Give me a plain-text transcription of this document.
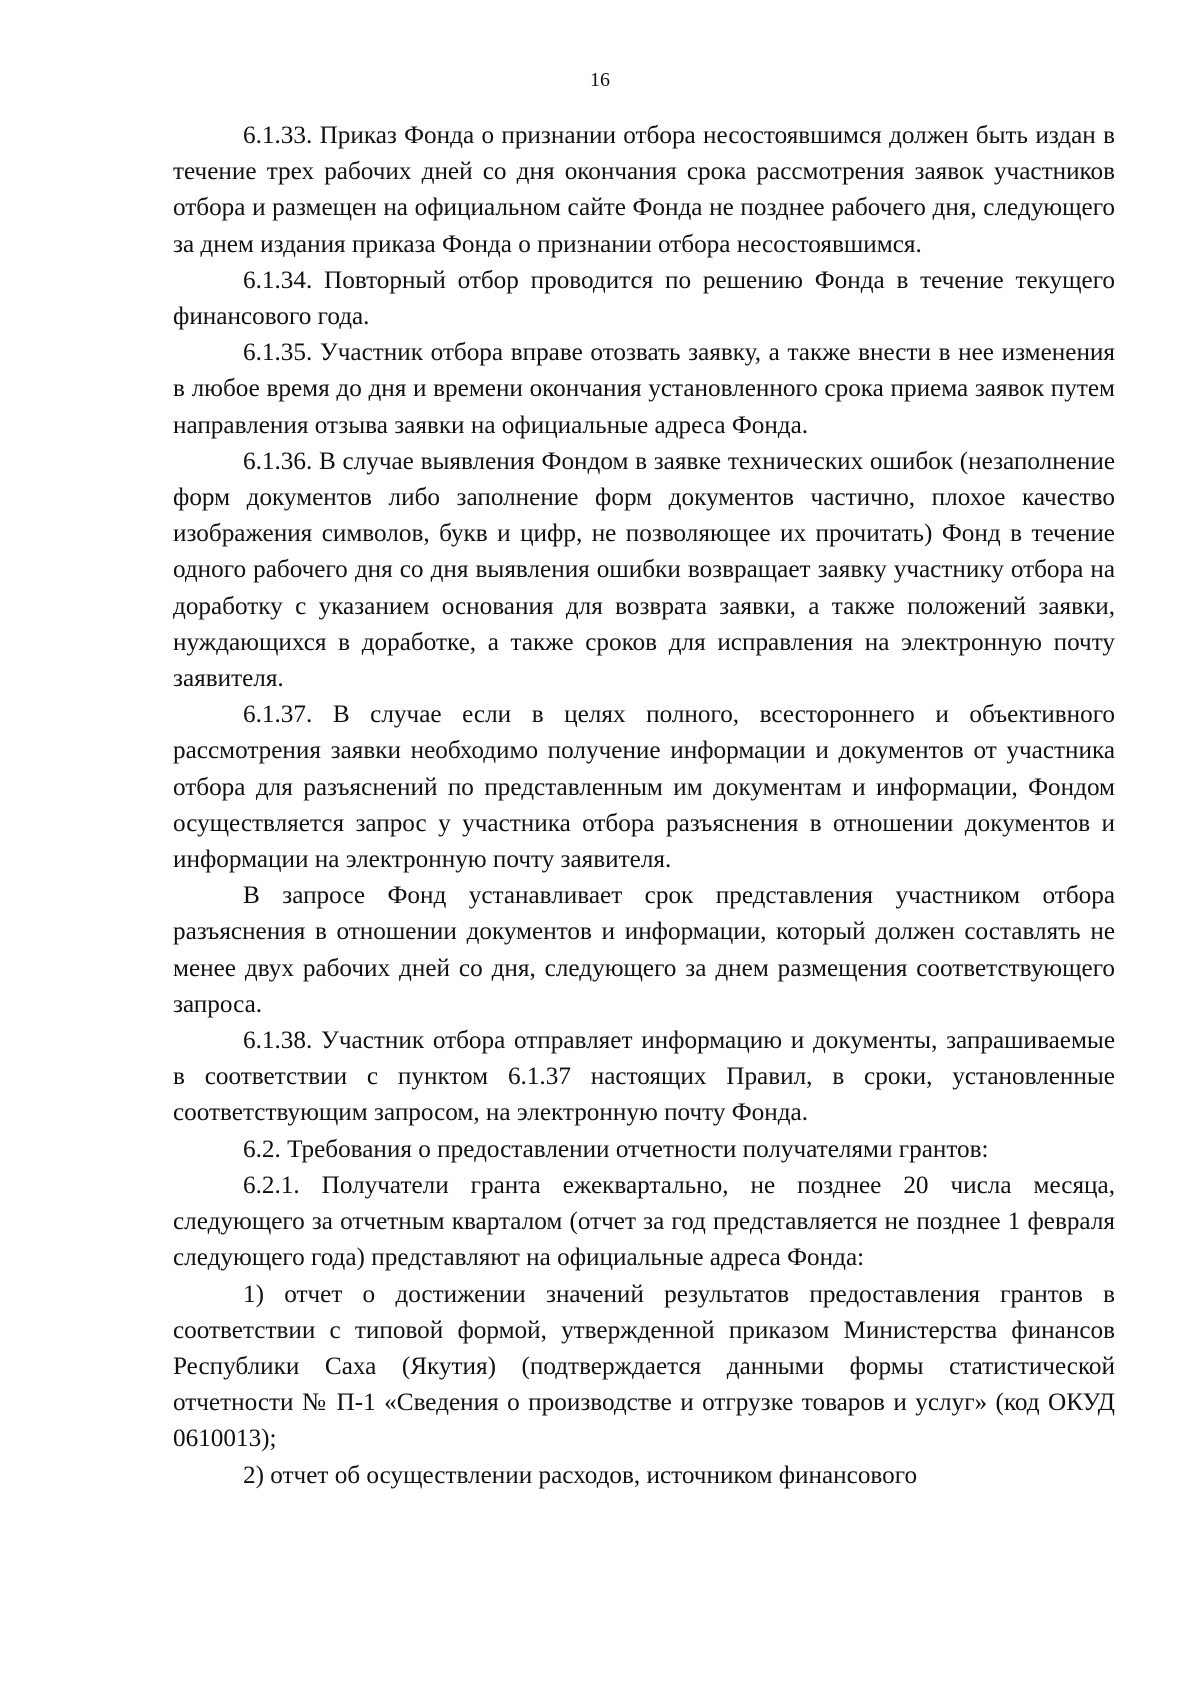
16

6.1.33. Приказ Фонда о признании отбора несостоявшимся должен быть издан в течение трех рабочих дней со дня окончания срока рассмотрения заявок участников отбора и размещен на официальном сайте Фонда не позднее рабочего дня, следующего за днем издания приказа Фонда о признании отбора несостоявшимся.

6.1.34. Повторный отбор проводится по решению Фонда в течение текущего финансового года.

6.1.35. Участник отбора вправе отозвать заявку, а также внести в нее изменения в любое время до дня и времени окончания установленного срока приема заявок путем направления отзыва заявки на официальные адреса Фонда.

6.1.36. В случае выявления Фондом в заявке технических ошибок (незаполнение форм документов либо заполнение форм документов частично, плохое качество изображения символов, букв и цифр, не позволяющее их прочитать) Фонд в течение одного рабочего дня со дня выявления ошибки возвращает заявку участнику отбора на доработку с указанием основания для возврата заявки, а также положений заявки, нуждающихся в доработке, а также сроков для исправления на электронную почту заявителя.

6.1.37. В случае если в целях полного, всестороннего и объективного рассмотрения заявки необходимо получение информации и документов от участника отбора для разъяснений по представленным им документам и информации, Фондом осуществляется запрос у участника отбора разъяснения в отношении документов и информации на электронную почту заявителя.

В запросе Фонд устанавливает срок представления участником отбора разъяснения в отношении документов и информации, который должен составлять не менее двух рабочих дней со дня, следующего за днем размещения соответствующего запроса.

6.1.38. Участник отбора отправляет информацию и документы, запрашиваемые в соответствии с пунктом 6.1.37 настоящих Правил, в сроки, установленные соответствующим запросом, на электронную почту Фонда.

6.2. Требования о предоставлении отчетности получателями грантов:

6.2.1. Получатели гранта ежеквартально, не позднее 20 числа месяца, следующего за отчетным кварталом (отчет за год представляется не позднее 1 февраля следующего года) представляют на официальные адреса Фонда:

1) отчет о достижении значений результатов предоставления грантов в соответствии с типовой формой, утвержденной приказом Министерства финансов Республики Саха (Якутия) (подтверждается данными формы статистической отчетности № П-1 «Сведения о производстве и отгрузке товаров и услуг» (код ОКУД 0610013);

2) отчет об осуществлении расходов, источником финансового
